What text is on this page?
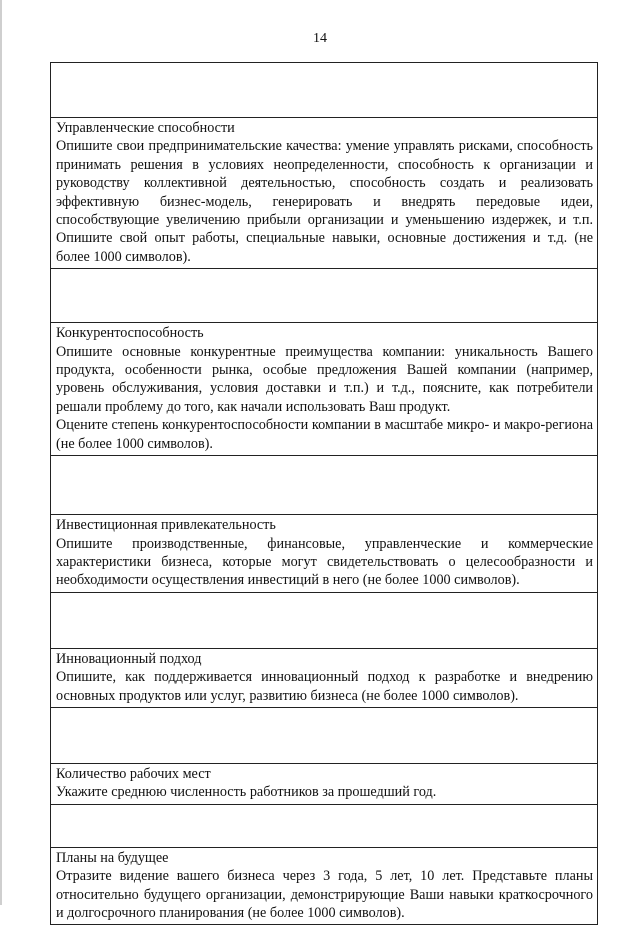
14

Управленческие способности
Опишите свои предпринимательские качества: умение управлять рисками, способность принимать решения в условиях неопределенности, способность к организации и руководству коллективной деятельностью, способность создать и реализовать эффективную бизнес-модель, генерировать и внедрять передовые идеи, способствующие увеличению прибыли организации и уменьшению издержек, и т.п. Опишите свой опыт работы, специальные навыки, основные достижения и т.д. (не более 1000 символов).

Конкурентоспособность
Опишите основные конкурентные преимущества компании: уникальность Вашего продукта, особенности рынка, особые предложения Вашей компании (например, уровень обслуживания, условия доставки и т.п.) и т.д., поясните, как потребители решали проблему до того, как начали использовать Ваш продукт.
Оцените степень конкурентоспособности компании в масштабе микро- и макро-региона (не более 1000 символов).

Инвестиционная привлекательность
Опишите производственные, финансовые, управленческие и коммерческие характеристики бизнеса, которые могут свидетельствовать о целесообразности и необходимости осуществления инвестиций в него (не более 1000 символов).

Инновационный подход
Опишите, как поддерживается инновационный подход к разработке и внедрению основных продуктов или услуг, развитию бизнеса (не более 1000 символов).

Количество рабочих мест
Укажите среднюю численность работников за прошедший год.

Планы на будущее
Отразите видение вашего бизнеса через 3 года, 5 лет, 10 лет. Представьте планы относительно будущего организации, демонстрирующие Ваши навыки краткосрочного и долгосрочного планирования (не более 1000 символов).
